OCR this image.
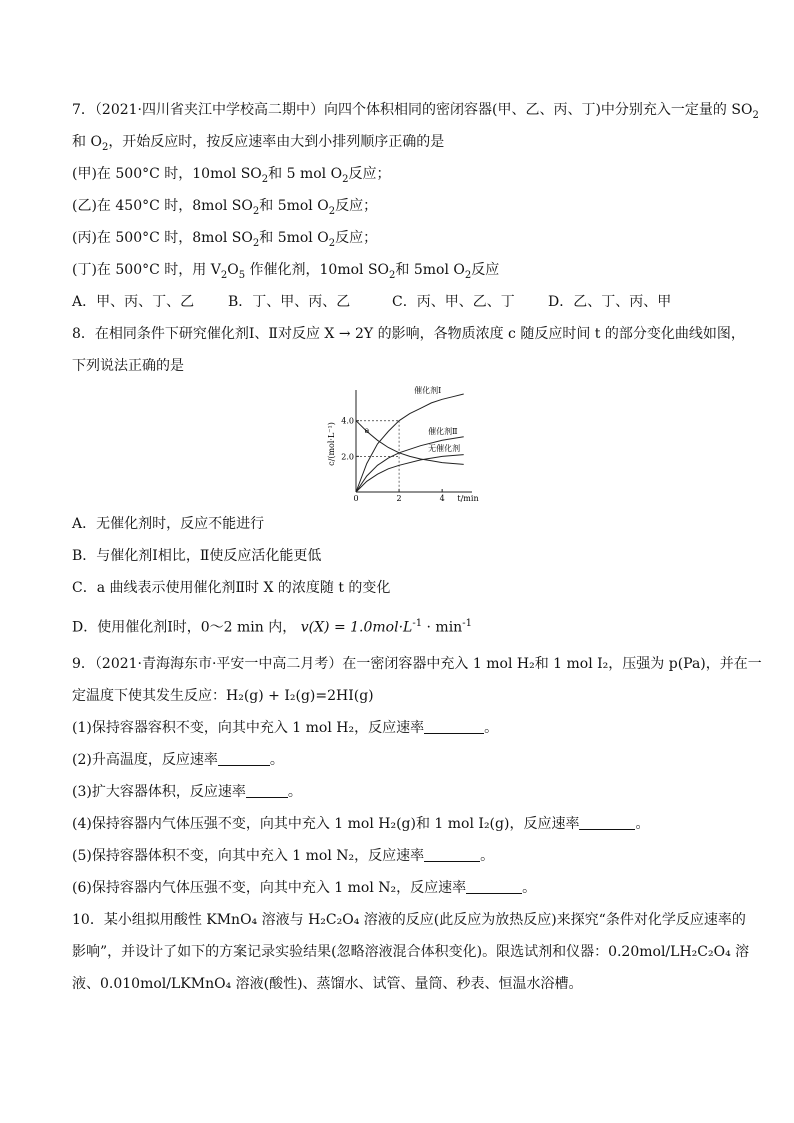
7．（2021·四川省夹江中学校高二期中）向四个体积相同的密闭容器(甲、乙、丙、丁)中分别充入一定量的 $SO_2$
和 $O_2$，开始反应时，按反应速率由大到小排列顺序正确的是
(甲)在 500°C 时，10mol $SO_2$和 5 mol $O_2$反应；
(乙)在 450°C 时，8mol $SO_2$和 5mol $O_2$反应；
(丙)在 500°C 时，8mol $SO_2$和 5mol $O_2$反应；
(丁)在 500°C 时，用 $V_2O_5$ 作催化剂，10mol $SO_2$和 5mol $O_2$反应
A．甲、丙、丁、乙 B．丁、甲、丙、乙	C．丙、甲、乙、丁 D．乙、丁、丙、甲
8．在相同条件下研究催化剂Ⅰ、Ⅱ对反应 X → 2Y 的影响，各物质浓度 c 随反应时间 t 的部分变化曲线如图，
下列说法正确的是
c/(mol·L⁻¹)
t/min
0	2	4
2.0
4.0
催化剂Ⅰ
催化剂Ⅱ
无催化剂
a
A．无催化剂时，反应不能进行
B．与催化剂Ⅰ相比，Ⅱ使反应活化能更低
C．a 曲线表示使用催化剂Ⅱ时 X 的浓度随 t 的变化
D．使用催化剂Ⅰ时，0～2 min 内， $v(X) = 1.0mol\cdot L^{-1} \cdot \min^{-1}$
9．（2021·青海海东市·平安一中高二月考）在一密闭容器中充入 1 mol H₂和 1 mol I₂，压强为 p(Pa)，并在一
定温度下使其发生反应：H₂(g) + I₂(g)=2HI(g)
(1)保持容器容积不变，向其中充入 1 mol H₂，反应速率	。
(2)升高温度，反应速率	。
(3)扩大容器体积，反应速率	。
(4)保持容器内气体压强不变，向其中充入 1 mol H₂(g)和 1 mol I₂(g)，反应速率	。
(5)保持容器体积不变，向其中充入 1 mol N₂，反应速率	。
(6)保持容器内气体压强不变，向其中充入 1 mol N₂，反应速率	。
10．某小组拟用酸性 KMnO₄ 溶液与 H₂C₂O₄ 溶液的反应(此反应为放热反应)来探究“条件对化学反应速率的
影响”，并设计了如下的方案记录实验结果(忽略溶液混合体积变化)。限选试剂和仪器：0.20mol/LH₂C₂O₄ 溶
液、0.010mol/LKMnO₄ 溶液(酸性)、蒸馏水、试管、量筒、秒表、恒温水浴槽。
